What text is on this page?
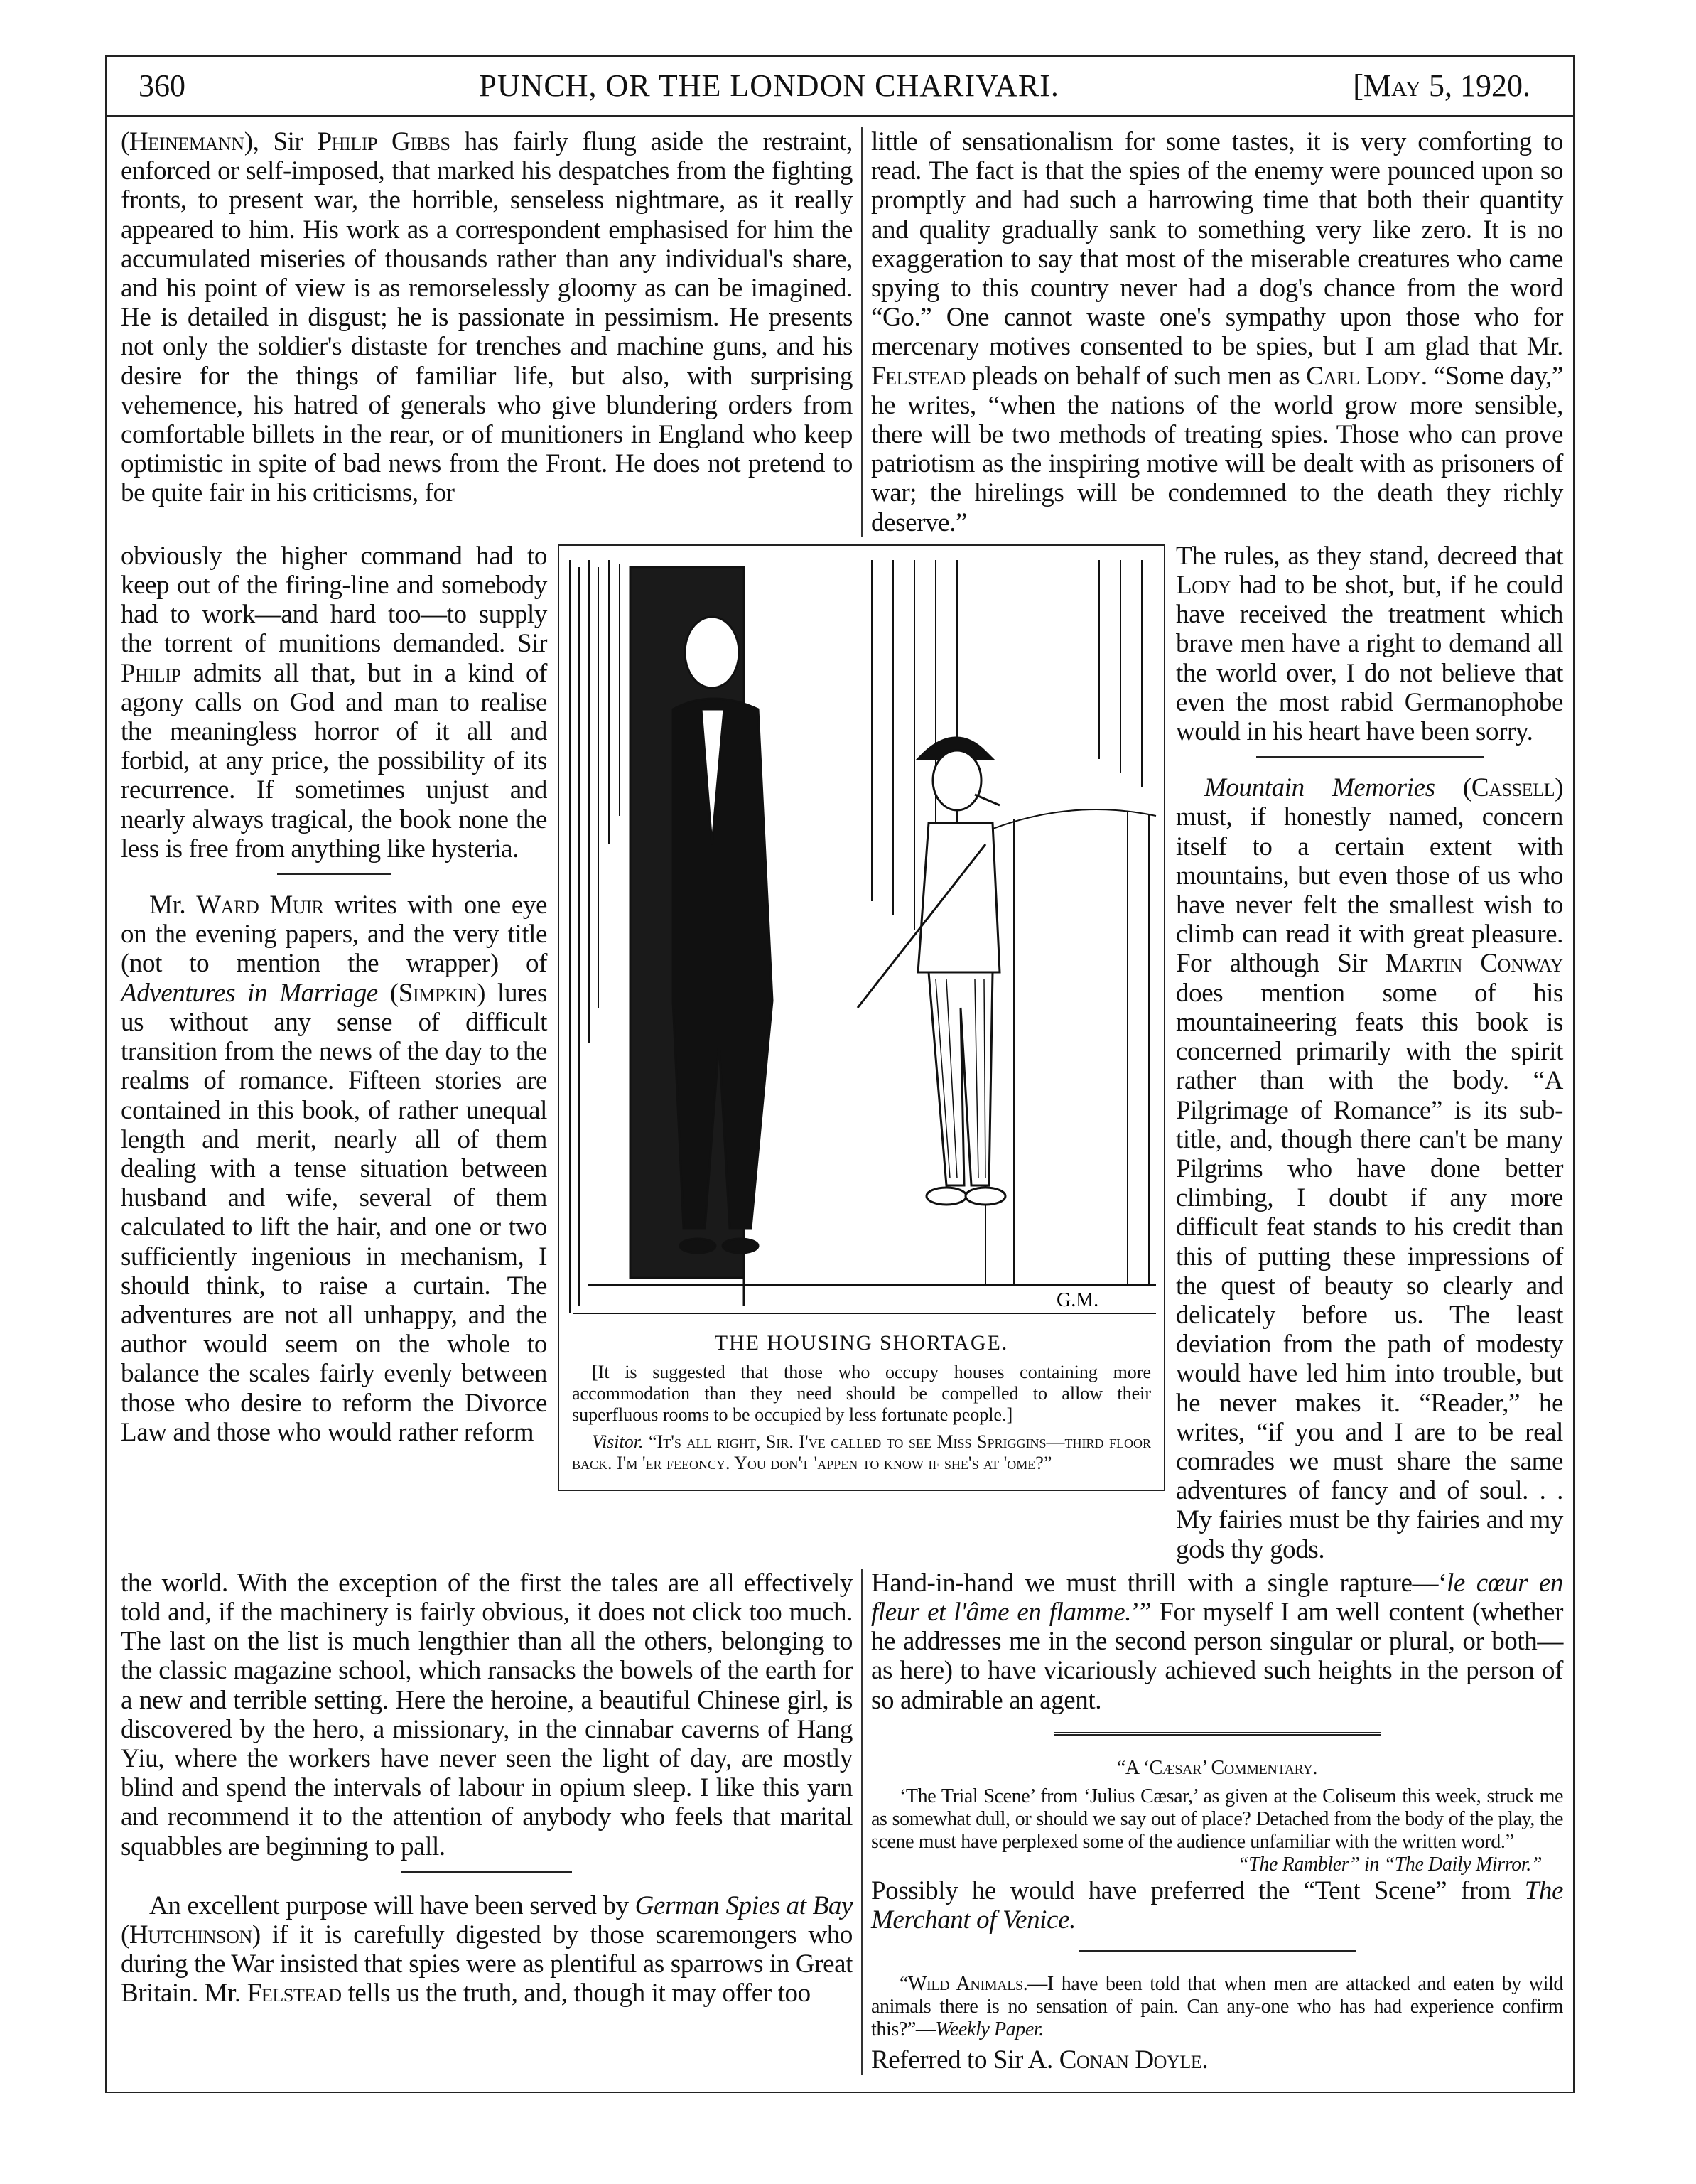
360	PUNCH, OR THE LONDON CHARIVARI.	[May 5, 1920.

(Heinemann), Sir Philip Gibbs has fairly flung aside the restraint, enforced or self-imposed, that marked his despatches from the fighting fronts, to present war, the horrible, senseless nightmare, as it really appeared to him. His work as a correspondent emphasised for him the accumulated miseries of thousands rather than any individual's share, and his point of view is as remorselessly gloomy as can be imagined. He is detailed in disgust; he is passionate in pessimism. He presents not only the soldier's distaste for trenches and machine guns, and his desire for the things of familiar life, but also, with surprising vehemence, his hatred of generals who give blundering orders from comfortable billets in the rear, or of munitioners in England who keep optimistic in spite of bad news from the Front. He does not pretend to be quite fair in his criticisms, for

little of sensationalism for some tastes, it is very comforting to read. The fact is that the spies of the enemy were pounced upon so promptly and had such a harrowing time that both their quantity and quality gradually sank to something very like zero. It is no exaggeration to say that most of the miserable creatures who came spying to this country never had a dog's chance from the word “Go.” One cannot waste one's sympathy upon those who for mercenary motives consented to be spies, but I am glad that Mr. Felstead pleads on behalf of such men as Carl Lody. “Some day,” he writes, “when the nations of the world grow more sensible, there will be two methods of treating spies. Those who can prove patriotism as the inspiring motive will be dealt with as prisoners of war; the hirelings will be condemned to the death they richly deserve.”

obviously the higher command had to keep out of the firing-line and somebody had to work—and hard too—to supply the torrent of munitions demanded. Sir Philip admits all that, but in a kind of agony calls on God and man to realise the meaningless horror of it all and forbid, at any price, the possibility of its recurrence. If sometimes unjust and nearly always tragical, the book none the less is free from anything like hysteria.

Mr. Ward Muir writes with one eye on the evening papers, and the very title (not to mention the wrapper) of Adventures in Marriage (Simpkin) lures us without any sense of difficult transition from the news of the day to the realms of romance. Fifteen stories are contained in this book, of rather unequal length and merit, nearly all of them dealing with a tense situation between husband and wife, several of them calculated to lift the hair, and one or two sufficiently ingenious in mechanism, I should think, to raise a curtain. The adventures are not all unhappy, and the author would seem on the whole to balance the scales fairly evenly between those who desire to reform the Divorce Law and those who would rather reform

G.M.
THE HOUSING SHORTAGE.

[It is suggested that those who occupy houses containing more accommodation than they need should be compelled to allow their superfluous rooms to be occupied by less fortunate people.]

Visitor. “It's all right, Sir. I've called to see Miss Spriggins—third floor back. I'm 'er feeoncy. You don't 'appen to know if she's at 'ome?”

The rules, as they stand, decreed that Lody had to be shot, but, if he could have received the treatment which brave men have a right to demand all the world over, I do not believe that even the most rabid Germanophobe would in his heart have been sorry.

Mountain Memories (Cassell) must, if honestly named, concern itself to a certain extent with mountains, but even those of us who have never felt the smallest wish to climb can read it with great pleasure. For although Sir Martin Conway does mention some of his mountaineering feats this book is concerned primarily with the spirit rather than with the body. “A Pilgrimage of Romance” is its sub-title, and, though there can't be many Pilgrims who have done better climbing, I doubt if any more difficult feat stands to his credit than this of putting these impressions of the quest of beauty so clearly and delicately before us. The least deviation from the path of modesty would have led him into trouble, but he never makes it. “Reader,” he writes, “if you and I are to be real comrades we must share the same adventures of fancy and of soul. . . My fairies must be thy fairies and my gods thy gods.

the world. With the exception of the first the tales are all effectively told and, if the machinery is fairly obvious, it does not click too much. The last on the list is much lengthier than all the others, belonging to the classic magazine school, which ransacks the bowels of the earth for a new and terrible setting. Here the heroine, a beautiful Chinese girl, is discovered by the hero, a missionary, in the cinnabar caverns of Hang Yiu, where the workers have never seen the light of day, are mostly blind and spend the intervals of labour in opium sleep. I like this yarn and recommend it to the attention of anybody who feels that marital squabbles are beginning to pall.

An excellent purpose will have been served by German Spies at Bay (Hutchinson) if it is carefully digested by those scaremongers who during the War insisted that spies were as plentiful as sparrows in Great Britain. Mr. Felstead tells us the truth, and, though it may offer too

Hand-in-hand we must thrill with a single rapture—‘le cœur en fleur et l'âme en flamme.’” For myself I am well content (whether he addresses me in the second person singular or plural, or both—as here) to have vicariously achieved such heights in the person of so admirable an agent.

“A ‘Cæsar’ Commentary.

‘The Trial Scene’ from ‘Julius Cæsar,’ as given at the Coliseum this week, struck me as somewhat dull, or should we say out of place? Detached from the body of the play, the scene must have perplexed some of the audience unfamiliar with the written word.”

“The Rambler” in “The Daily Mirror.”

Possibly he would have preferred the “Tent Scene” from The Merchant of Venice.

“Wild Animals.—I have been told that when men are attacked and eaten by wild animals there is no sensation of pain. Can any-one who has had experience confirm this?”—Weekly Paper.

Referred to Sir A. Conan Doyle.
